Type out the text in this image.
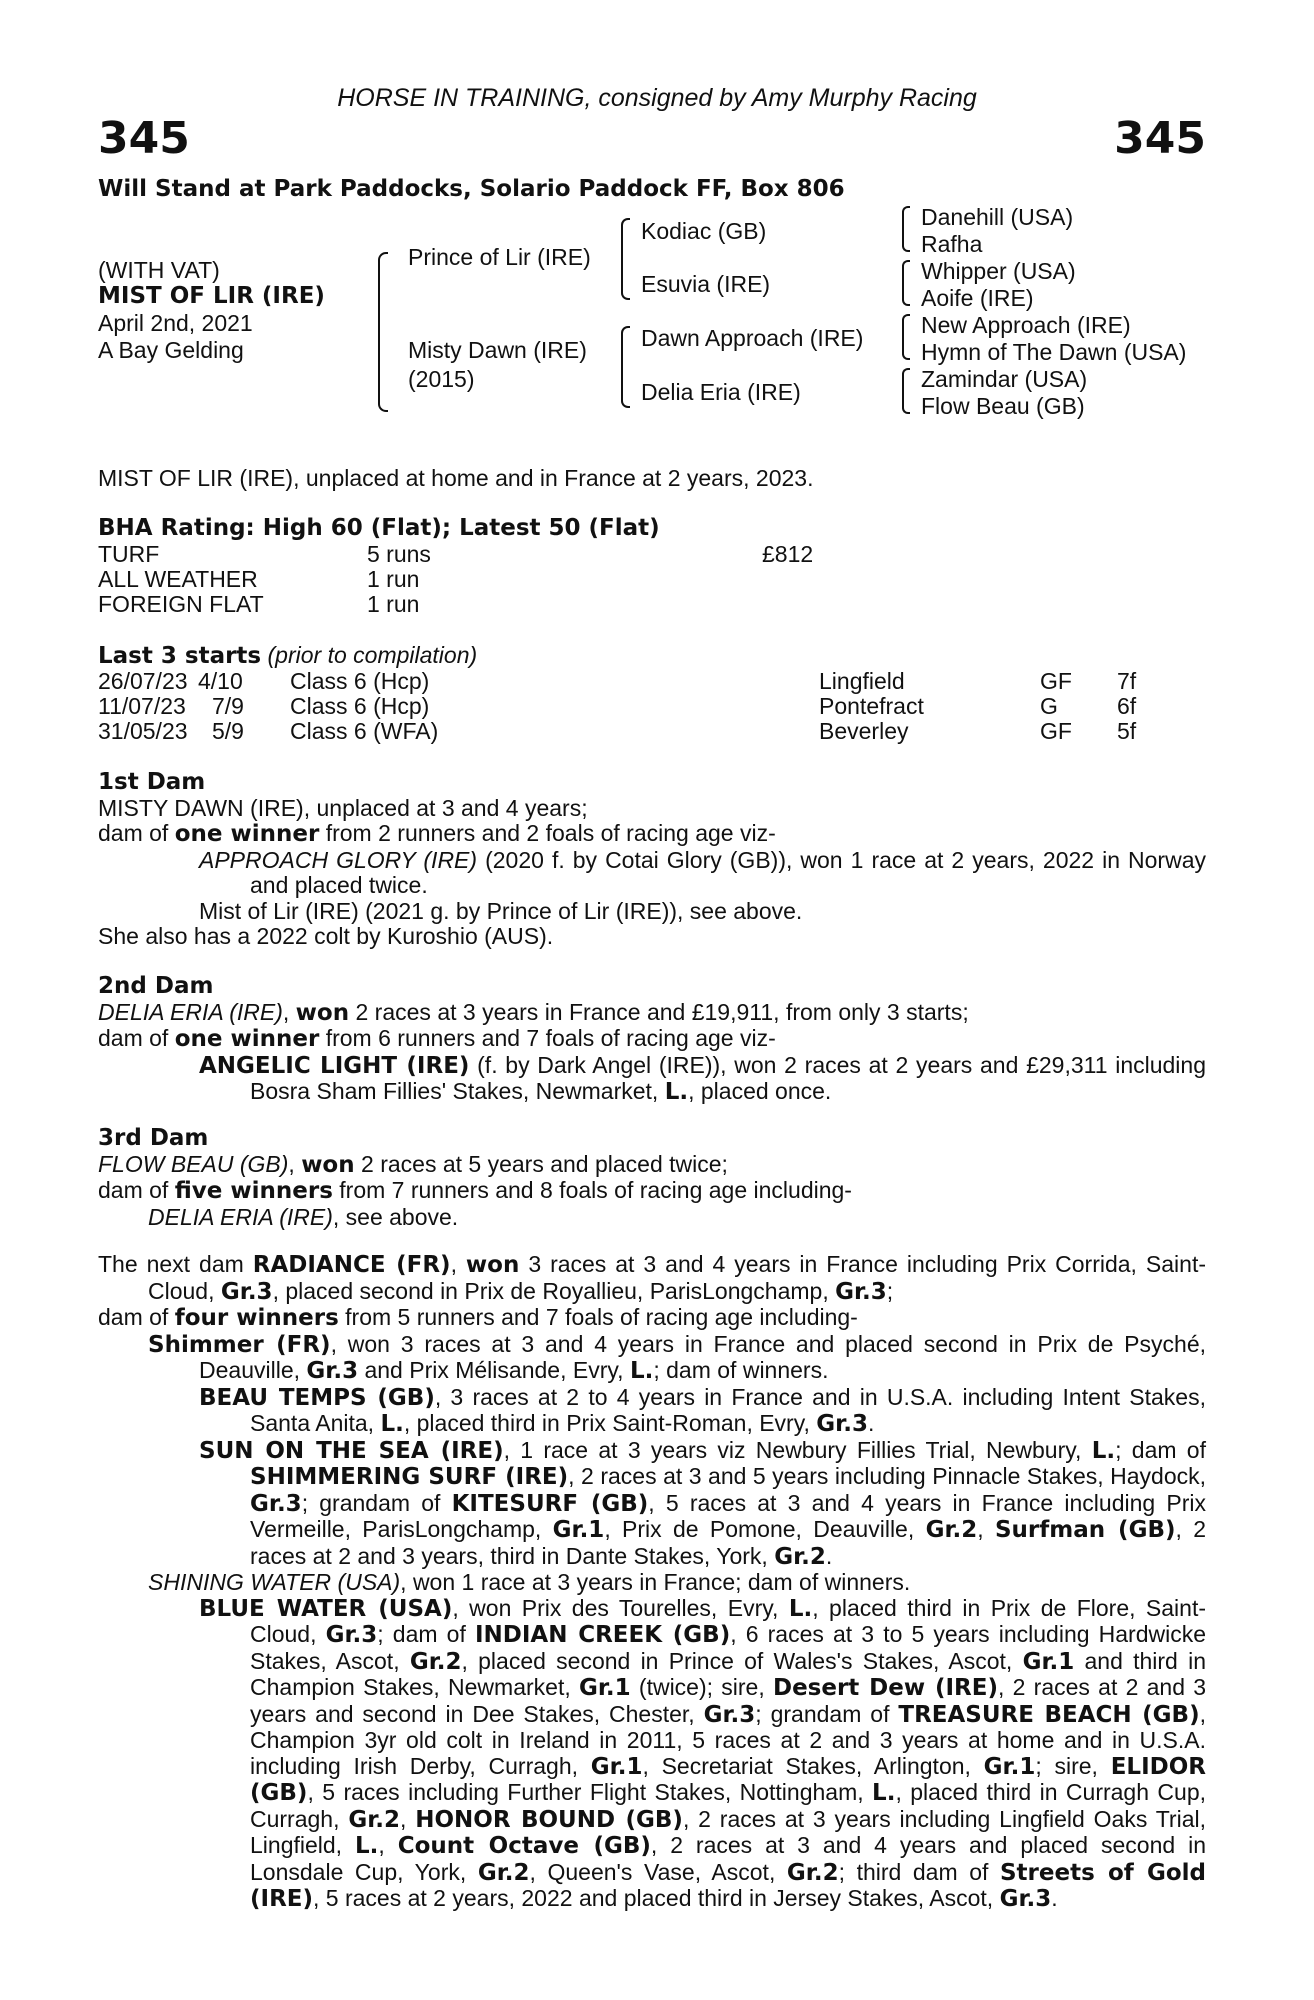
HORSE IN TRAINING, consigned by Amy Murphy Racing
345	345
Will Stand at Park Paddocks, Solario Paddock FF, Box 806
(WITH VAT)
MIST OF LIR (IRE)
April 2nd, 2021
A Bay Gelding
Prince of Lir (IRE)
Misty Dawn (IRE)
(2015)
Kodiac (GB)
Esuvia (IRE)
Dawn Approach (IRE)
Delia Eria (IRE)
Danehill (USA)
Rafha
Whipper (USA)
Aoife (IRE)
New Approach (IRE)
Hymn of The Dawn (USA)
Zamindar (USA)
Flow Beau (GB)
MIST OF LIR (IRE), unplaced at home and in France at 2 years, 2023.
BHA Rating: High 60 (Flat); Latest 50 (Flat)
TURF	5 runs	£812
ALL WEATHER	1 run
FOREIGN FLAT	1 run
Last 3 starts (prior to compilation)
26/07/23 4/10 Class 6 (Hcp)	Lingfield	GF 7f
11/07/23 7/9 Class 6 (Hcp)	Pontefract	G	6f
31/05/23 5/9 Class 6 (WFA)	Beverley	GF 5f

1st Dam

MISTY DAWN (IRE), unplaced at 3 and 4 years;

dam of one winner from 2 runners and 2 foals of racing age viz-

APPROACH GLORY (IRE) (2020 f. by Cotai Glory (GB)), won 1 race at 2 years, 2022 in Norway and placed twice.

Mist of Lir (IRE) (2021 g. by Prince of Lir (IRE)), see above.

She also has a 2022 colt by Kuroshio (AUS).

2nd Dam

DELIA ERIA (IRE), won 2 races at 3 years in France and £19,911, from only 3 starts;

dam of one winner from 6 runners and 7 foals of racing age viz-

ANGELIC LIGHT (IRE) (f. by Dark Angel (IRE)), won 2 races at 2 years and £29,311 including Bosra Sham Fillies' Stakes, Newmarket, L., placed once.

3rd Dam

FLOW BEAU (GB), won 2 races at 5 years and placed twice;

dam of five winners from 7 runners and 8 foals of racing age including-

DELIA ERIA (IRE), see above.

The next dam RADIANCE (FR), won 3 races at 3 and 4 years in France including Prix Corrida, Saint-Cloud, Gr.3, placed second in Prix de Royallieu, ParisLongchamp, Gr.3;

dam of four winners from 5 runners and 7 foals of racing age including-

Shimmer (FR), won 3 races at 3 and 4 years in France and placed second in Prix de Psyché, Deauville, Gr.3 and Prix Mélisande, Evry, L.; dam of winners.

BEAU TEMPS (GB), 3 races at 2 to 4 years in France and in U.S.A. including Intent Stakes, Santa Anita, L., placed third in Prix Saint-Roman, Evry, Gr.3.

SUN ON THE SEA (IRE), 1 race at 3 years viz Newbury Fillies Trial, Newbury, L.; dam of SHIMMERING SURF (IRE), 2 races at 3 and 5 years including Pinnacle Stakes, Haydock, Gr.3; grandam of KITESURF (GB), 5 races at 3 and 4 years in France including Prix Vermeille, ParisLongchamp, Gr.1, Prix de Pomone, Deauville, Gr.2, Surfman (GB), 2 races at 2 and 3 years, third in Dante Stakes, York, Gr.2.

SHINING WATER (USA), won 1 race at 3 years in France; dam of winners.

BLUE WATER (USA), won Prix des Tourelles, Evry, L., placed third in Prix de Flore, Saint-Cloud, Gr.3; dam of INDIAN CREEK (GB), 6 races at 3 to 5 years including Hardwicke Stakes, Ascot, Gr.2, placed second in Prince of Wales's Stakes, Ascot, Gr.1 and third in Champion Stakes, Newmarket, Gr.1 (twice); sire, Desert Dew (IRE), 2 races at 2 and 3 years and second in Dee Stakes, Chester, Gr.3; grandam of TREASURE BEACH (GB), Champion 3yr old colt in Ireland in 2011, 5 races at 2 and 3 years at home and in U.S.A. including Irish Derby, Curragh, Gr.1, Secretariat Stakes, Arlington, Gr.1; sire, ELIDOR (GB), 5 races including Further Flight Stakes, Nottingham, L., placed third in Curragh Cup, Curragh, Gr.2, HONOR BOUND (GB), 2 races at 3 years including Lingfield Oaks Trial, Lingfield, L., Count Octave (GB), 2 races at 3 and 4 years and placed second in Lonsdale Cup, York, Gr.2, Queen's Vase, Ascot, Gr.2; third dam of Streets of Gold (IRE), 5 races at 2 years, 2022 and placed third in Jersey Stakes, Ascot, Gr.3.
